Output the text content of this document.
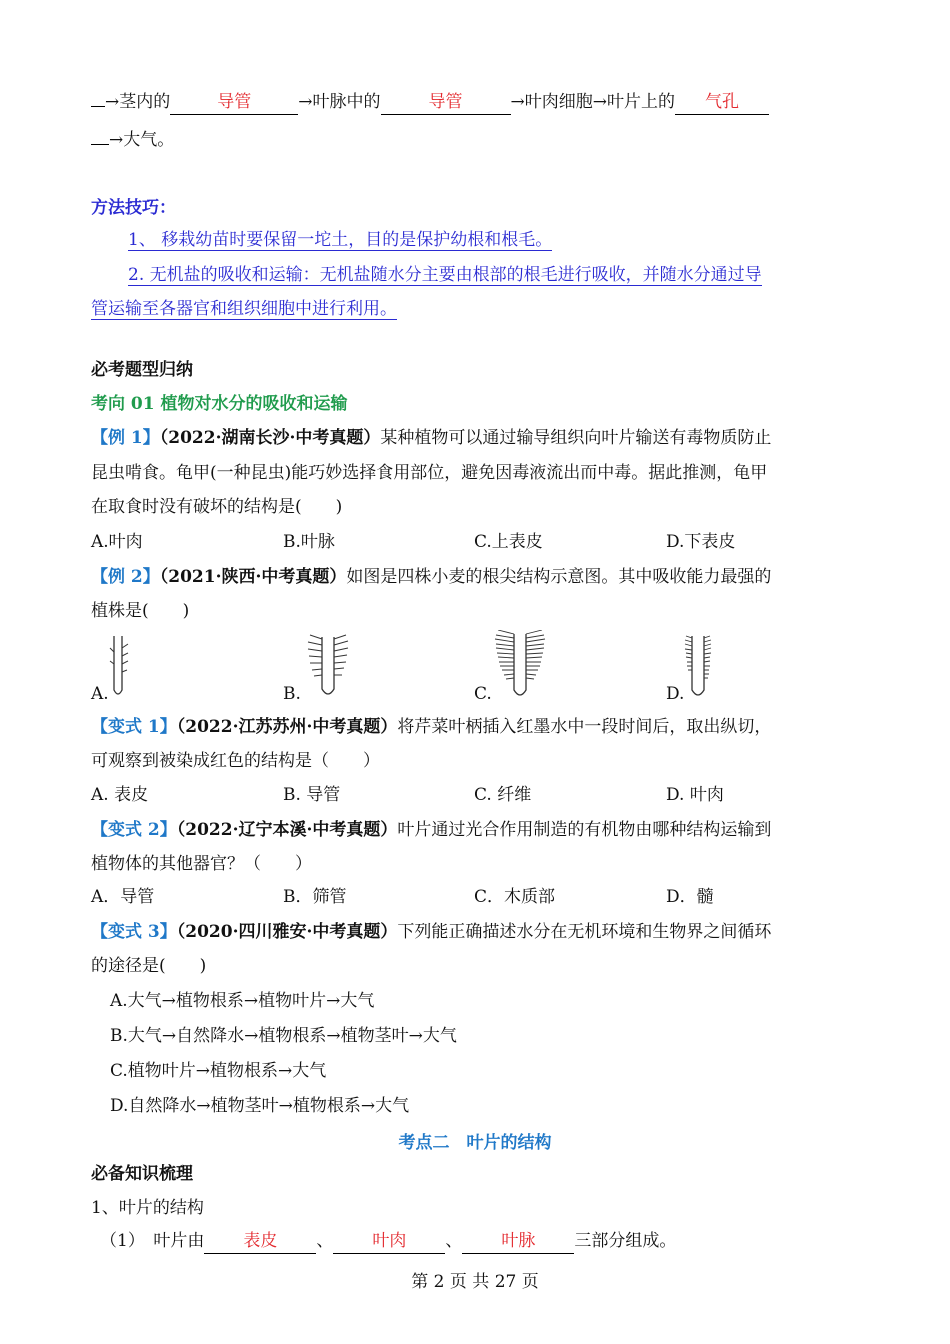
→茎内的	导管	→叶脉中的	导管	→叶肉细胞→叶片上的 气孔
→大气。
方法技巧：
1、 移栽幼苗时要保留一坨土，目的是保护幼根和根毛。
2. 无机盐的吸收和运输：无机盐随水分主要由根部的根毛进行吸收，并随水分通过导
管运输至各器官和组织细胞中进行利用。
必考题型归纳
考向 01 植物对水分的吸收和运输
【例 1】（2022·湖南长沙·中考真题）某种植物可以通过输导组织向叶片输送有毒物质防止
昆虫啃食。龟甲(一种昆虫)能巧妙选择食用部位，避免因毒液流出而中毒。据此推测，龟甲
在取食时没有破坏的结构是(　　)
A.叶肉	B.叶脉	C.上表皮	D.下表皮
【例 2】（2021·陕西·中考真题）如图是四株小麦的根尖结构示意图。其中吸收能力最强的
植株是(　　)
A.	B.	C.	D.
【变式 1】（2022·江苏苏州·中考真题）将芹菜叶柄插入红墨水中一段时间后，取出纵切，
可观察到被染成红色的结构是（　　）
A. 表皮	B. 导管	C. 纤维	D. 叶肉
【变式 2】（2022·辽宁本溪·中考真题）叶片通过光合作用制造的有机物由哪种结构运输到
植物体的其他器官？（　　）
A．导管	B．筛管	C．木质部	D．髓
【变式 3】（2020·四川雅安·中考真题）下列能正确描述水分在无机环境和生物界之间循环
的途径是(　　)
A.大气→植物根系→植物叶片→大气
B.大气→自然降水→植物根系→植物茎叶→大气
C.植物叶片→植物根系→大气
D.自然降水→植物茎叶→植物根系→大气
考点二　叶片的结构
必备知识梳理
1、叶片的结构
（1）　叶片由 表皮 、 叶肉 、 叶脉 三部分组成。
第 2 页 共 27 页
